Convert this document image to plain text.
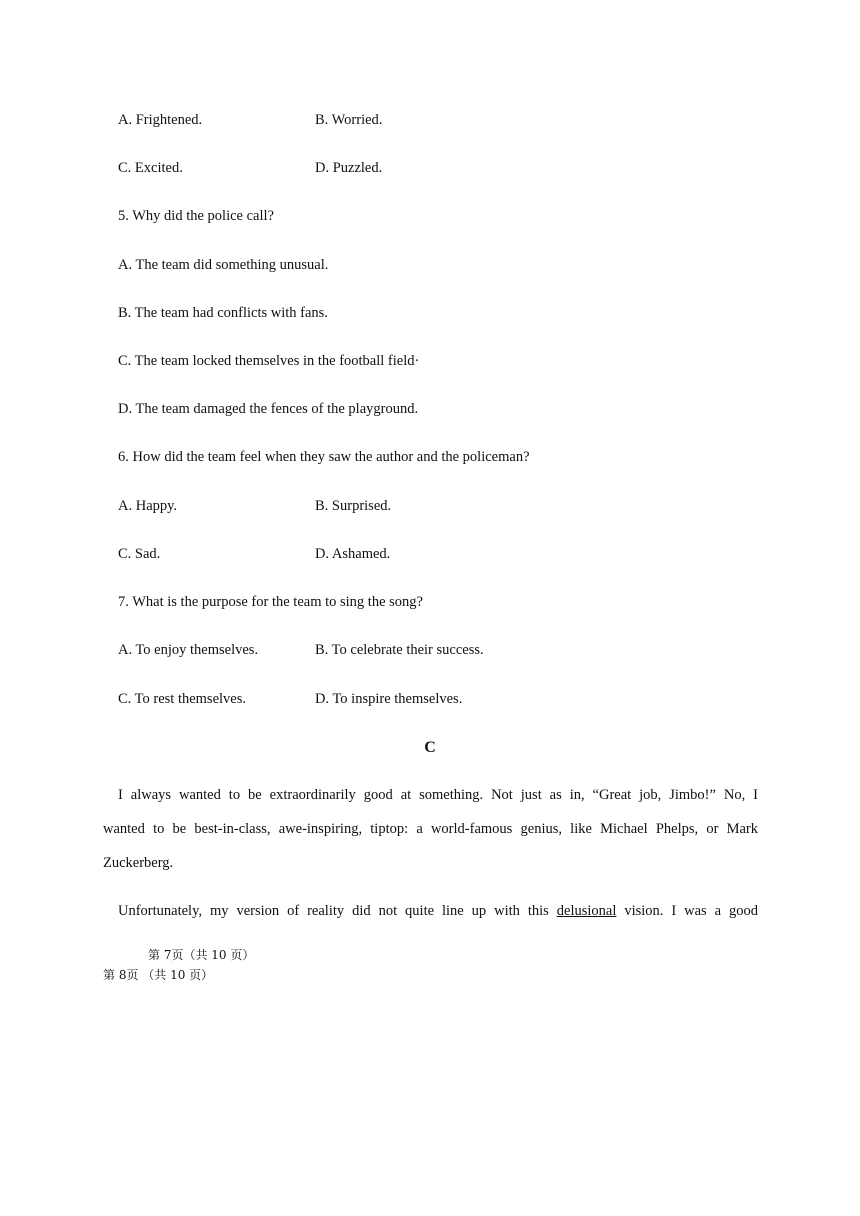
A. Frightened.	B. Worried.
C. Excited.	D. Puzzled.
5. Why did the police call?
A. The team did something unusual.
B. The team had conflicts with fans.
C. The team locked themselves in the football field·
D. The team damaged the fences of the playground.
6. How did the team feel when they saw the author and the policeman?
A. Happy.	B. Surprised.
C. Sad.	D. Ashamed.
7. What is the purpose for the team to sing the song?
A. To enjoy themselves.	B. To celebrate their success.
C. To rest themselves.	D. To inspire themselves.
C
I always wanted to be extraordinarily good at something. Not just as in, “Great job, Jimbo!” No, I
wanted to be best-in-class, awe-inspiring, tiptop: a world-famous genius, like Michael Phelps, or Mark
Zuckerberg.
Unfortunately, my version of reality did not quite line up with this delusional vision. I was a good
第 7页（共 10 页）
第 8页 （共 10 页）
